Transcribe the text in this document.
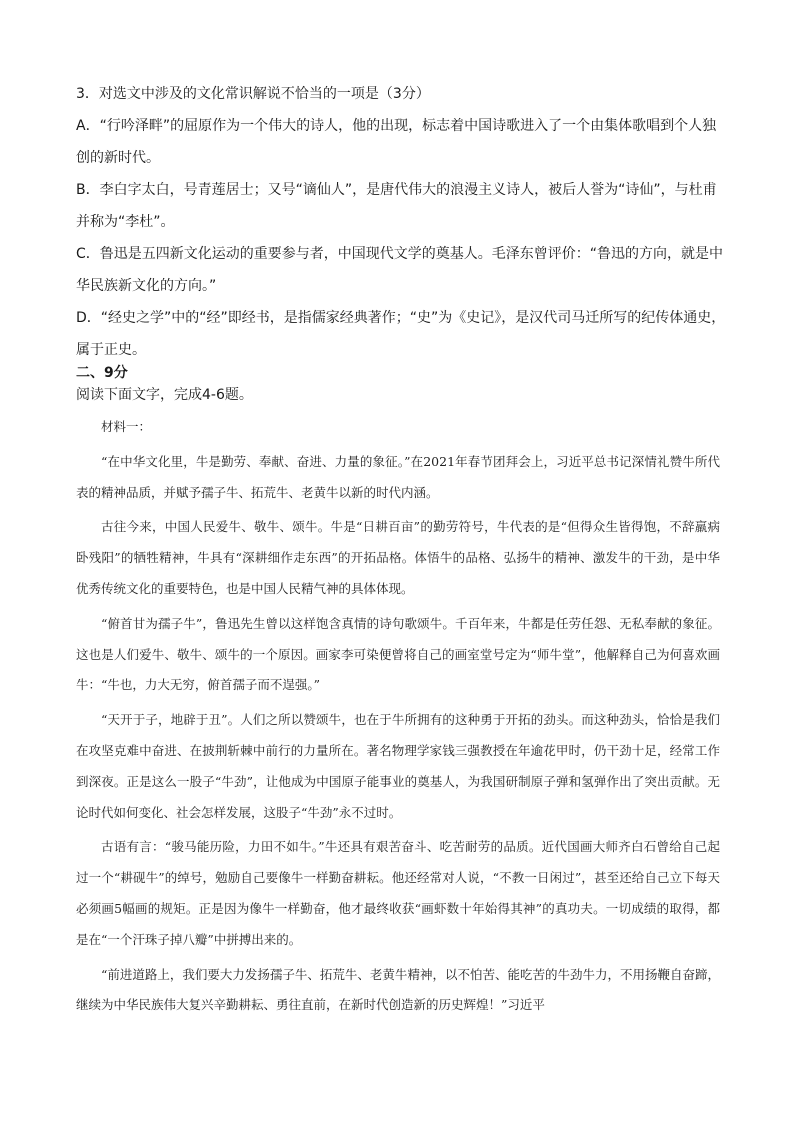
3．对选文中涉及的文化常识解说不恰当的一项是（3分）

A．“行吟泽畔”的屈原作为一个伟大的诗人，他的出现，标志着中国诗歌进入了一个由集体歌唱到个人独创的新时代。

B．李白字太白，号青莲居士；又号“谪仙人”，是唐代伟大的浪漫主义诗人，被后人誉为“诗仙”，与杜甫并称为“李杜”。

C．鲁迅是五四新文化运动的重要参与者，中国现代文学的奠基人。毛泽东曾评价：“鲁迅的方向，就是中华民族新文化的方向。”

D．“经史之学”中的“经”即经书，是指儒家经典著作；“史”为《史记》，是汉代司马迁所写的纪传体通史，属于正史。

二、9分
阅读下面文字，完成4-6题。

材料一：

“在中华文化里，牛是勤劳、奉献、奋进、力量的象征。”在2021年春节团拜会上，习近平总书记深情礼赞牛所代表的精神品质，并赋予孺子牛、拓荒牛、老黄牛以新的时代内涵。

古往今来，中国人民爱牛、敬牛、颂牛。牛是“日耕百亩”的勤劳符号，牛代表的是“但得众生皆得饱，不辞羸病卧残阳”的牺牲精神，牛具有“深耕细作走东西”的开拓品格。体悟牛的品格、弘扬牛的精神、激发牛的干劲，是中华优秀传统文化的重要特色，也是中国人民精气神的具体体现。

“俯首甘为孺子牛”，鲁迅先生曾以这样饱含真情的诗句歌颂牛。千百年来，牛都是任劳任怨、无私奉献的象征。这也是人们爱牛、敬牛、颂牛的一个原因。画家李可染便曾将自己的画室堂号定为“师牛堂”，他解释自己为何喜欢画牛：“牛也，力大无穷，俯首孺子而不逞强。”

“天开于子，地辟于丑”。人们之所以赞颂牛，也在于牛所拥有的这种勇于开拓的劲头。而这种劲头，恰恰是我们在攻坚克难中奋进、在披荆斩棘中前行的力量所在。著名物理学家钱三强教授在年逾花甲时，仍干劲十足，经常工作到深夜。正是这么一股子“牛劲”，让他成为中国原子能事业的奠基人，为我国研制原子弹和氢弹作出了突出贡献。无论时代如何变化、社会怎样发展，这股子“牛劲”永不过时。

古语有言：“骏马能历险，力田不如牛。”牛还具有艰苦奋斗、吃苦耐劳的品质。近代国画大师齐白石曾给自己起过一个“耕砚牛”的绰号，勉励自己要像牛一样勤奋耕耘。他还经常对人说，“不教一日闲过”，甚至还给自己立下每天必须画5幅画的规矩。正是因为像牛一样勤奋，他才最终收获“画虾数十年始得其神”的真功夫。一切成绩的取得，都是在“一个汗珠子掉八瓣”中拼搏出来的。

“前进道路上，我们要大力发扬孺子牛、拓荒牛、老黄牛精神，以不怕苦、能吃苦的牛劲牛力，不用扬鞭自奋蹄，继续为中华民族伟大复兴辛勤耕耘、勇往直前，在新时代创造新的历史辉煌！”习近平
